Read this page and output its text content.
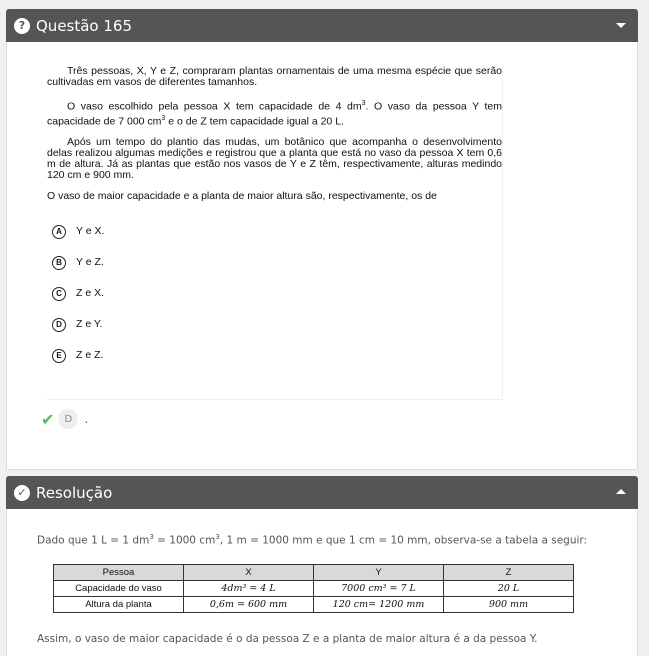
? Questão 165

Três pessoas, X, Y e Z, compraram plantas ornamentais de uma mesma espécie que serão cultivadas em vasos de diferentes tamanhos.

O vaso escolhido pela pessoa X tem capacidade de 4 $dm^3$. O vaso da pessoa Y tem capacidade de 7 000 $cm^3$ e o de Z tem capacidade igual a 20 L.

Após um tempo do plantio das mudas, um botânico que acompanha o desenvolvimento delas realizou algumas medições e registrou que a planta que está no vaso da pessoa X tem 0,6 m de altura. Já as plantas que estão nos vasos de Y e Z têm, respectivamente, alturas medindo 120 cm e 900 mm.

O vaso de maior capacidade e a planta de maior altura são, respectivamente, os de

A	Y e X.
B	Y e Z.
C	Z e X.
D	Z e Y.
E	Z e Z.
✔	D	.
✓ Resolução
Dado que 1 L = 1 $dm^3 = 1000$ $cm^3$, 1 m = 1000 mm e que 1 cm = 10 mm, observa-se a tabela a seguir:
Pessoa	X	Y	Z
Capacidade do vaso	4dm³ = 4 L	7000 cm³ = 7 L	20 L
Altura da planta	0,6m = 600 mm	120 cm= 1200 mm	900 mm
Assim, o vaso de maior capacidade é o da pessoa Z e a planta de maior altura é a da pessoa Y.
